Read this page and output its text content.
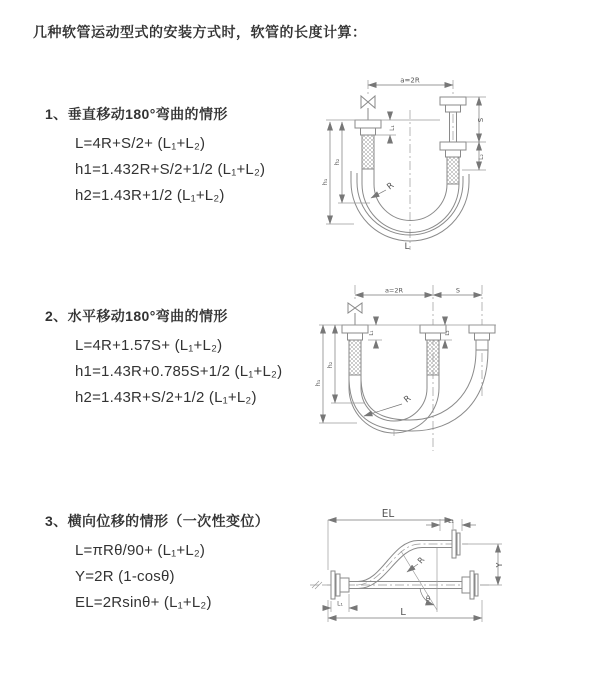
几种软管运动型式的安装方式时，软管的长度计算：

1、垂直移动180°弯曲的情形

L=4R+S/2+ (L₁+L₂)

h1=1.432R+S/2+1/2 (L₁+L₂)

h2=1.43R+1/2 (L₁+L₂)

a=2R
S
L₂
L₁
h₂
h₁	R
L

2、水平移动180°弯曲的情形

L=4R+1.57S+ (L₁+L₂)

h1=1.43R+0.785S+1/2 (L₁+L₂)

h2=1.43R+S/2+1/2 (L₁+L₂)

a=2R	S
L₁	L₂
h₂
h₁
R

3、横向位移的情形（一次性变位）

L=πRθ/90+ (L₁+L₂)

Y=2R (1-cosθ)

EL=2Rsinθ+ (L₁+L₂)

EL
L₁
Y
R
θ
L
L₁
